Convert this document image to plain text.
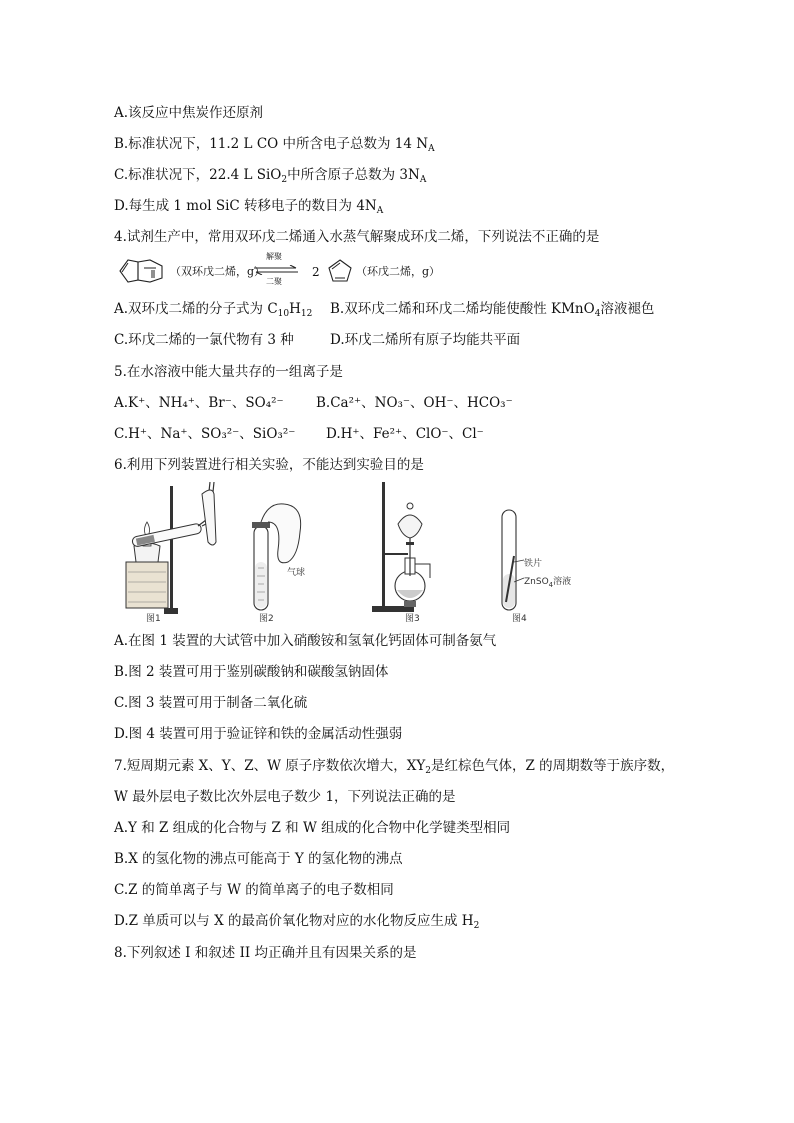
A.该反应中焦炭作还原剂
B.标准状况下，11.2 L CO 中所含电子总数为 14 $N_A$
C.标准状况下，22.4 L SiO$_2$中所含原子总数为 $3N_A$
D.每生成 1 mol SiC 转移电子的数目为 $4N_A$
4.试剂生产中，常用双环戊二烯通入水蒸气解聚成环戊二烯，下列说法不正确的是
（双环戊二烯，g）
解聚
二聚
2	（环戊二烯，g）
A.双环戊二烯的分子式为 $C_{10}H_{12}$ B.双环戊二烯和环戊二烯均能使酸性 KMnO$_4$溶液褪色
C.环戊二烯的一氯代物有 3 种	D.环戊二烯所有原子均能共平面
5.在水溶液中能大量共存的一组离子是
A.K⁺、NH₄⁺、Br⁻、SO₄²⁻ B.Ca²⁺、NO₃⁻、OH⁻、HCO₃⁻
C.H⁺、Na⁺、SO₃²⁻、SiO₃²⁻ D.H⁺、Fe²⁺、ClO⁻、Cl⁻
6.利用下列装置进行相关实验，不能达到实验目的是
图1	图2	图3	图4
气球
铁片
ZnSO$_4$溶液
A.在图 1 装置的大试管中加入硝酸铵和氢氧化钙固体可制备氨气
B.图 2 装置可用于鉴别碳酸钠和碳酸氢钠固体
C.图 3 装置可用于制备二氧化硫
D.图 4 装置可用于验证锌和铁的金属活动性强弱
7.短周期元素 X、Y、Z、W 原子序数依次增大，$XY_2$是红棕色气体，Z 的周期数等于族序数，
W 最外层电子数比次外层电子数少 1，下列说法正确的是
A.Y 和 Z 组成的化合物与 Z 和 W 组成的化合物中化学键类型相同
B.X 的氢化物的沸点可能高于 Y 的氢化物的沸点
C.Z 的简单离子与 W 的简单离子的电子数相同
D.Z 单质可以与 X 的最高价氧化物对应的水化物反应生成 $H_2$
8.下列叙述 I 和叙述 II 均正确并且有因果关系的是
